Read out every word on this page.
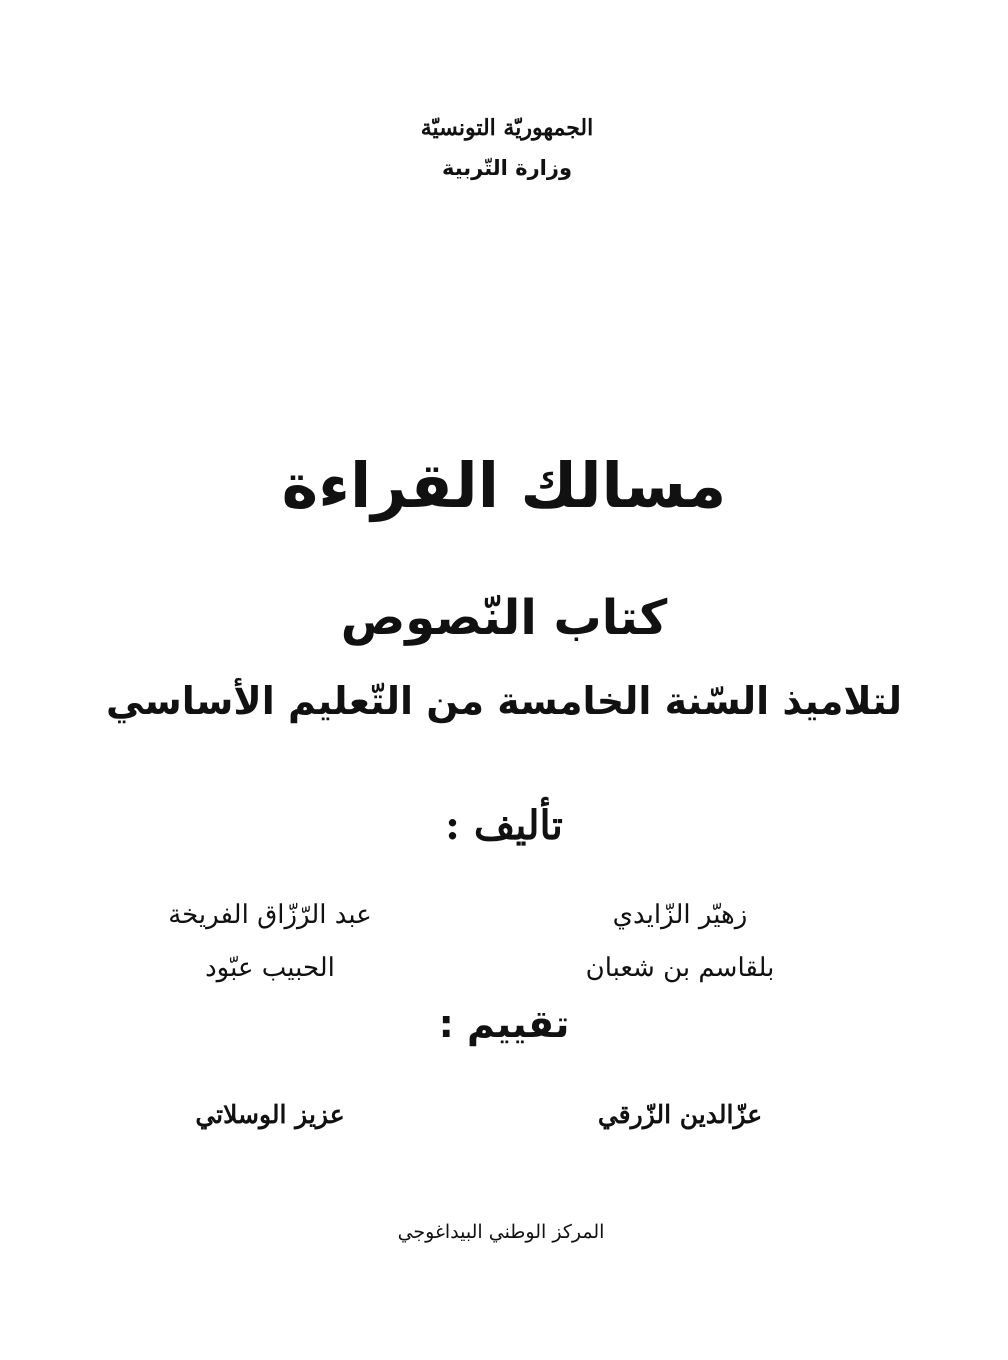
الجمهوريّة التونسيّة
وزارة التّربية
مسالك القراءة
كتاب النّصوص
لتلاميذ السّنة الخامسة من التّعليم الأساسي
تأليف :
زهيّر الزّايدي
بلقاسم بن شعبان
عبد الرّزّاق الفريخة
الحبيب عبّود
تقييم :
عزّالدين الزّرقي
عزيز الوسلاتي
المركز الوطني البيداغوجي
